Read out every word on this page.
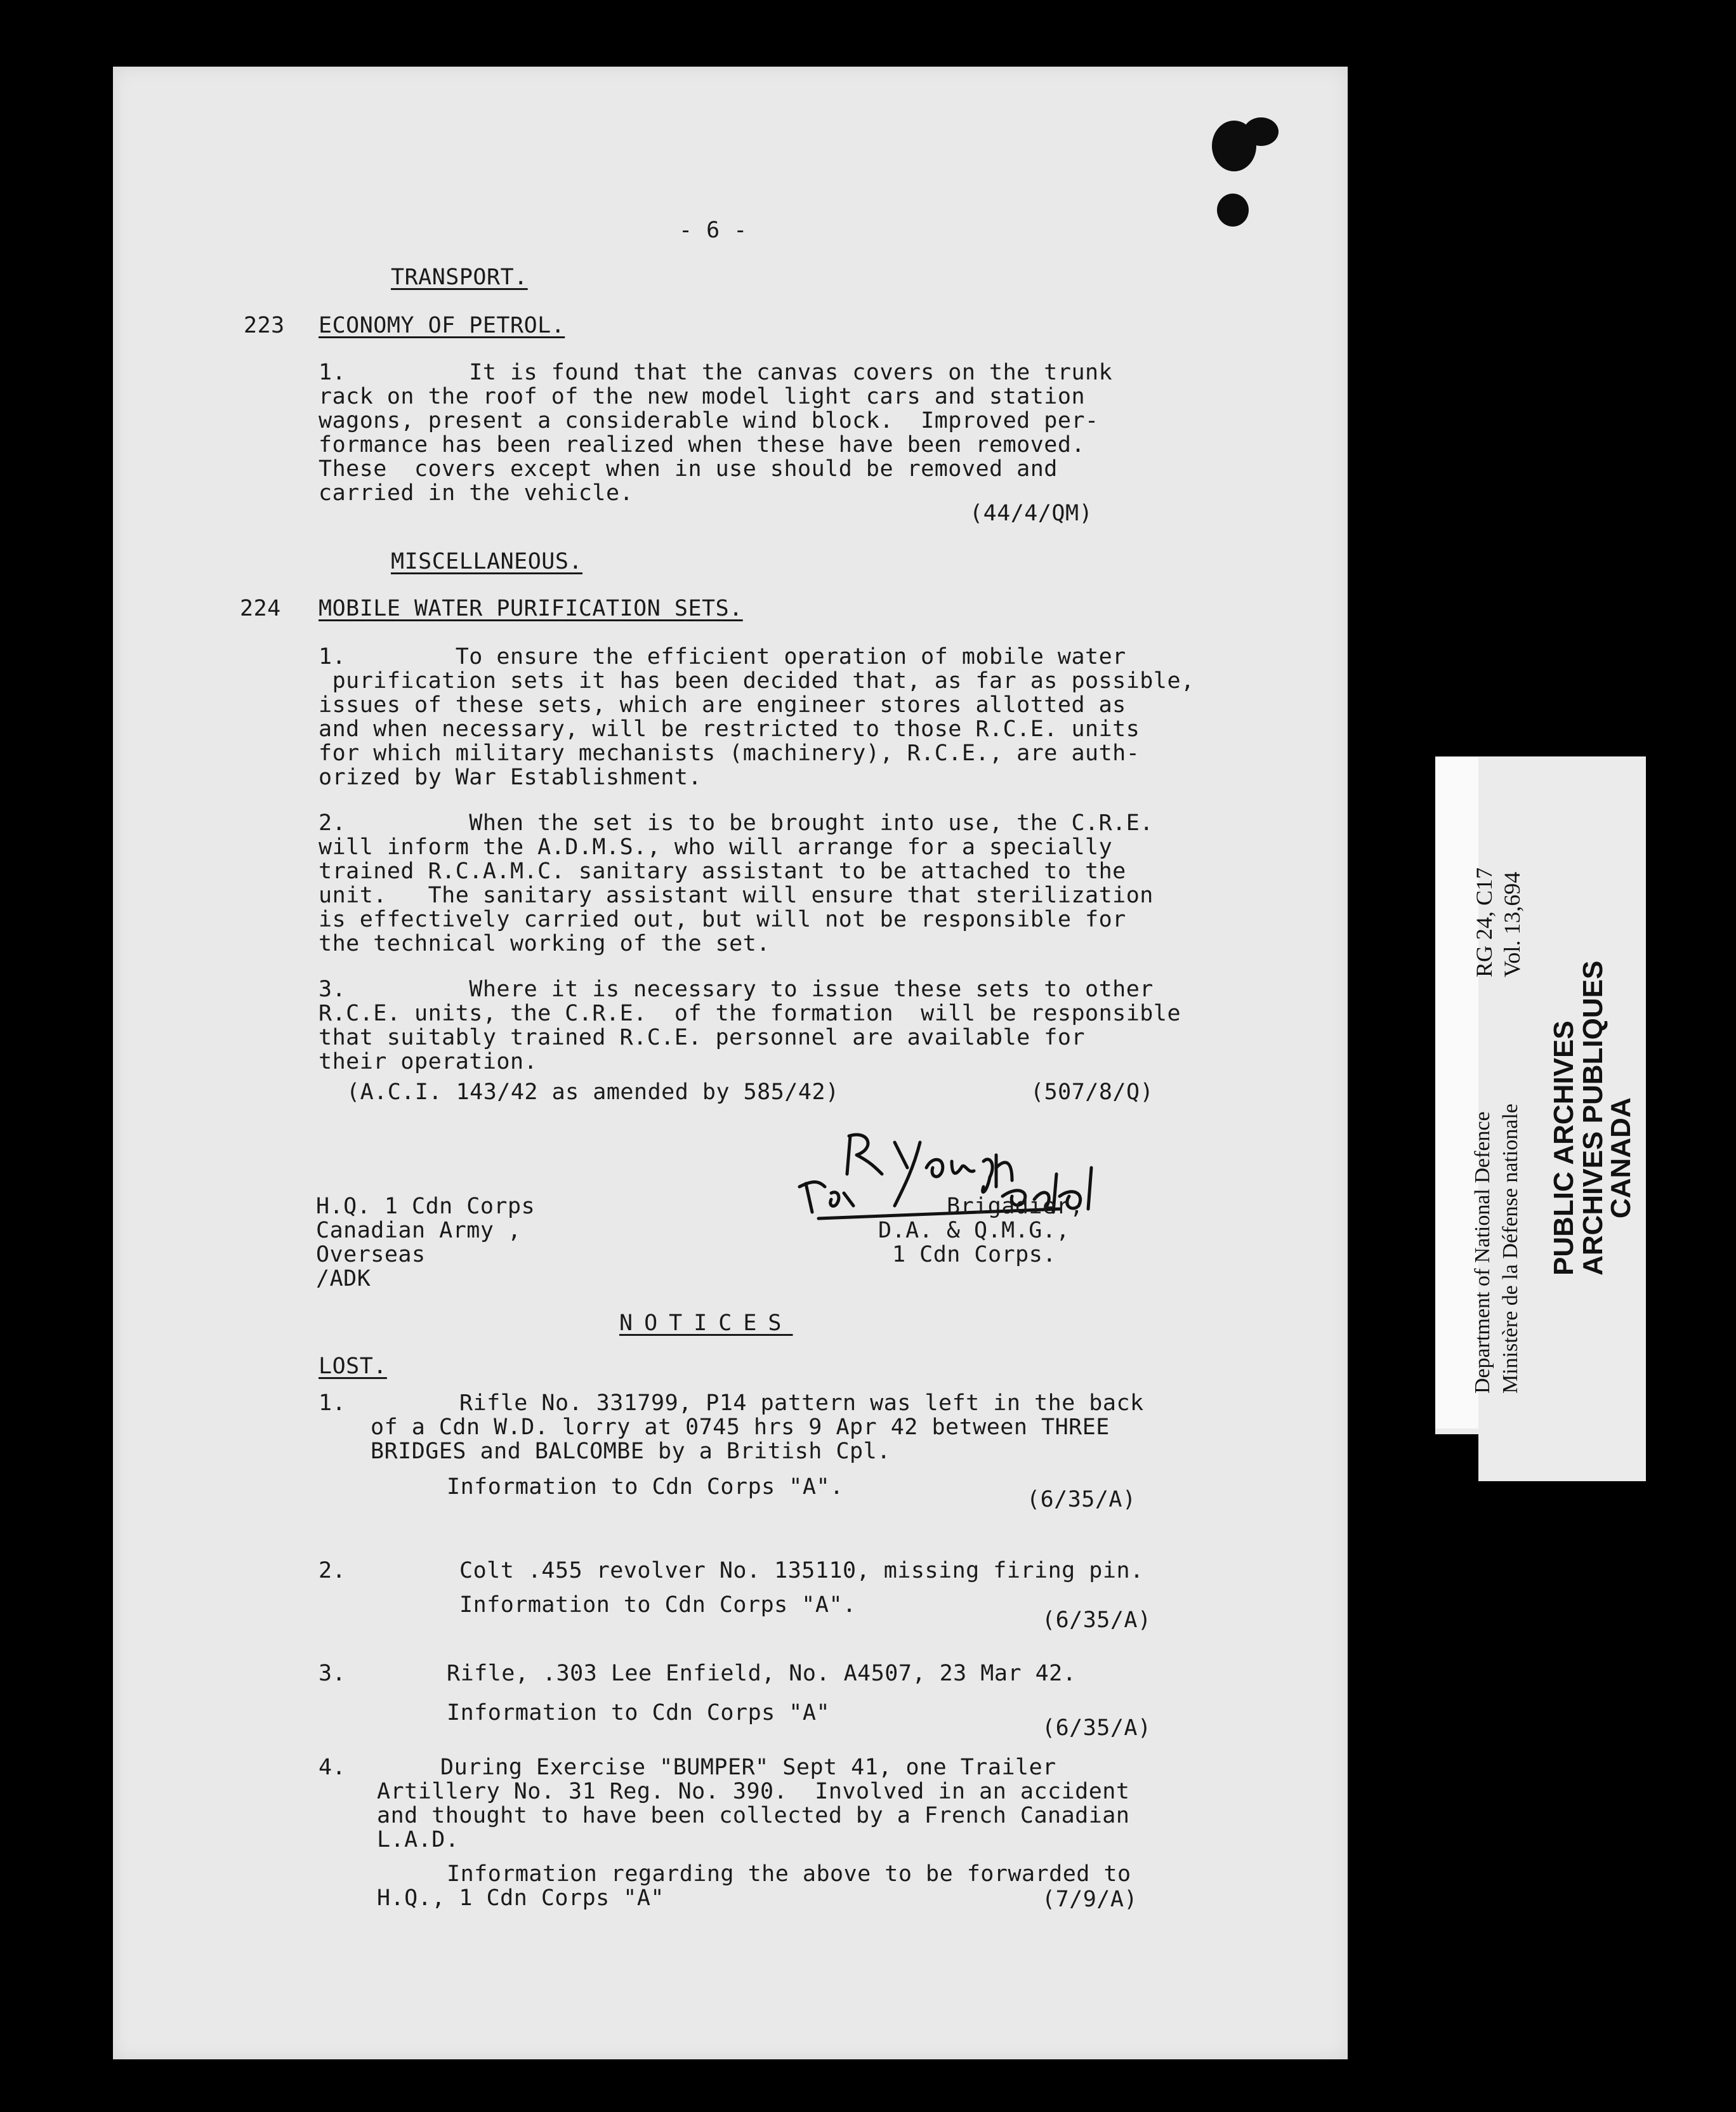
- 6 -
TRANSPORT.
223 ECONOMY OF PETROL.
1.         It is found that the canvas covers on the trunk
rack on the roof of the new model light cars and station
wagons, present a considerable wind block.  Improved per-
formance has been realized when these have been removed.
These  covers except when in use should be removed and
carried in the vehicle.
(44/4/QM)
MISCELLANEOUS.
224 MOBILE WATER PURIFICATION SETS.
1.        To ensure the efficient operation of mobile water
purification sets it has been decided that, as far as possible,
issues of these sets, which are engineer stores allotted as
and when necessary, will be restricted to those R.C.E. units
for which military mechanists (machinery), R.C.E., are auth-
orized by War Establishment.
2.         When the set is to be brought into use, the C.R.E.
will inform the A.D.M.S., who will arrange for a specially
trained R.C.A.M.C. sanitary assistant to be attached to the
unit.   The sanitary assistant will ensure that sterilization
is effectively carried out, but will not be responsible for
the technical working of the set.
3.         Where it is necessary to issue these sets to other
R.C.E. units, the C.R.E.  of the formation  will be responsible
that suitably trained R.C.E. personnel are available for
their operation.
(A.C.I. 143/42 as amended by 585/42)	(507/8/Q)
H.Q. 1 Cdn Corps
Canadian Army ,
Overseas
/ADK
Brigadier,
D.A. & Q.M.G.,
1 Cdn Corps.
NOTICES
LOST.
1.	Rifle No. 331799, P14 pattern was left in the back
of a Cdn W.D. lorry at 0745 hrs 9 Apr 42 between THREE
BRIDGES and BALCOMBE by a British Cpl.
Information to Cdn Corps "A".	(6/35/A)
2.	Colt .455 revolver No. 135110, missing firing pin.
Information to Cdn Corps "A".
(6/35/A)
3.	Rifle, .303 Lee Enfield, No. A4507, 23 Mar 42.
Information to Cdn Corps "A"
(6/35/A)
4.	During Exercise "BUMPER" Sept 41, one Trailer
Artillery No. 31 Reg. No. 390.  Involved in an accident
and thought to have been collected by a French Canadian
L.A.D.
Information regarding the above to be forwarded to
H.Q., 1 Cdn Corps "A"	(7/9/A)
RG 24, C17 Vol. 13,694
Department of National Defence Ministère de la Défense nationale PUBLIC ARCHIVES
ARCHIVES PUBLIQUES
CANADA
